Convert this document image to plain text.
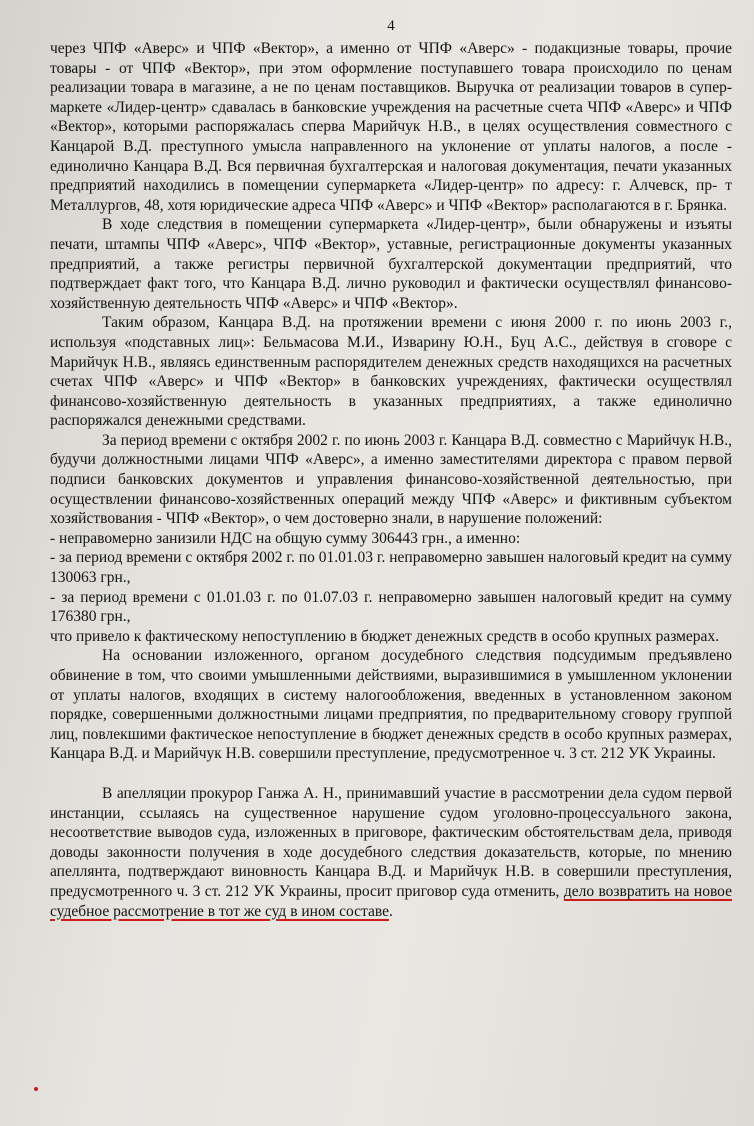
4

через ЧПФ «Аверс» и ЧПФ «Вектор», а именно от ЧПФ «Аверс» - подакцизные товары, прочие товары - от ЧПФ «Вектор», при этом оформление поступавшего товара происходило по ценам реализации товара в магазине, а не по ценам поставщиков. Выручка от реализации товаров в супер-маркете «Лидер-центр» сдавалась в банковские учреждения на расчетные счета ЧПФ «Аверс» и ЧПФ «Вектор», которыми распоряжалась сперва Марийчук Н.В., в целях осуществления совместного с Канцарой В.Д. преступного умысла направленного на уклонение от уплаты налогов, а после - единолично Канцара В.Д. Вся первичная бухгалтерская и налоговая документация, печати указанных предприятий находились в помещении супермаркета «Лидер-центр» по адресу: г. Алчевск, пр- т Металлургов, 48, хотя юридические адреса ЧПФ «Аверс» и ЧПФ «Вектор» располагаются в г. Брянка.

В ходе следствия в помещении супермаркета «Лидер-центр», были обнаружены и изъяты печати, штампы ЧПФ «Аверс», ЧПФ «Вектор», уставные, регистрационные документы указанных предприятий, а также регистры первичной бухгалтерской документации предприятий, что подтверждает факт того, что Канцара В.Д. лично руководил и фактически осуществлял финансово-хозяйственную деятельность ЧПФ «Аверс» и ЧПФ «Вектор».

Таким образом, Канцара В.Д. на протяжении времени с июня 2000 г. по июнь 2003 г., используя «подставных лиц»: Бельмасова М.И., Изварину Ю.Н., Буц А.С., действуя в сговоре с Марийчук Н.В., являясь единственным распорядителем денежных средств находящихся на расчетных счетах ЧПФ «Аверс» и ЧПФ «Вектор» в банковских учреждениях, фактически осуществлял финансово-хозяйственную деятельность в указанных предприятиях, а также единолично распоряжался денежными средствами.

За период времени с октября 2002 г. по июнь 2003 г. Канцара В.Д. совместно с Марийчук Н.В., будучи должностными лицами ЧПФ «Аверс», а именно заместителями директора с правом первой подписи банковских документов и управления финансово-хозяйственной деятельностью, при осуществлении финансово-хозяйственных операций между ЧПФ «Аверс» и фиктивным субъектом хозяйствования - ЧПФ «Вектор», о чем достоверно знали, в нарушение положений:

- неправомерно занизили НДС на общую сумму 306443 грн., а именно:

- за период времени с октября 2002 г. по 01.01.03 г. неправомерно завышен налоговый кредит на сумму 130063 грн.,

- за период времени с 01.01.03 г. по 01.07.03 г. неправомерно завышен налоговый кредит на сумму 176380 грн.,

что привело к фактическому непоступлению в бюджет денежных средств в особо крупных размерах.

На основании изложенного, органом досудебного следствия подсудимым предъявлено обвинение в том, что своими умышленными действиями, выразившимися в умышленном уклонении от уплаты налогов, входящих в систему налогообложения, введенных в установленном законом порядке, совершенными должностными лицами предприятия, по предварительному сговору группой лиц, повлекшими фактическое непоступление в бюджет денежных средств в особо крупных размерах, Канцара В.Д. и Марийчук Н.В. совершили преступление, предусмотренное ч. 3 ст. 212 УК Украины.

В апелляции прокурор Ганжа А. Н., принимавший участие в рассмотрении дела судом первой инстанции, ссылаясь на существенное нарушение судом уголовно-процессуального закона, несоответствие выводов суда, изложенных в приговоре, фактическим обстоятельствам дела, приводя доводы законности получения в ходе досудебного следствия доказательств, которые, по мнению апеллянта, подтверждают виновность Канцара В.Д. и Марийчук Н.В. в совершили преступления, предусмотренного ч. 3 ст. 212 УК Украины, просит приговор суда отменить, дело возвратить на новое судебное рассмотрение в тот же суд в ином составе.
